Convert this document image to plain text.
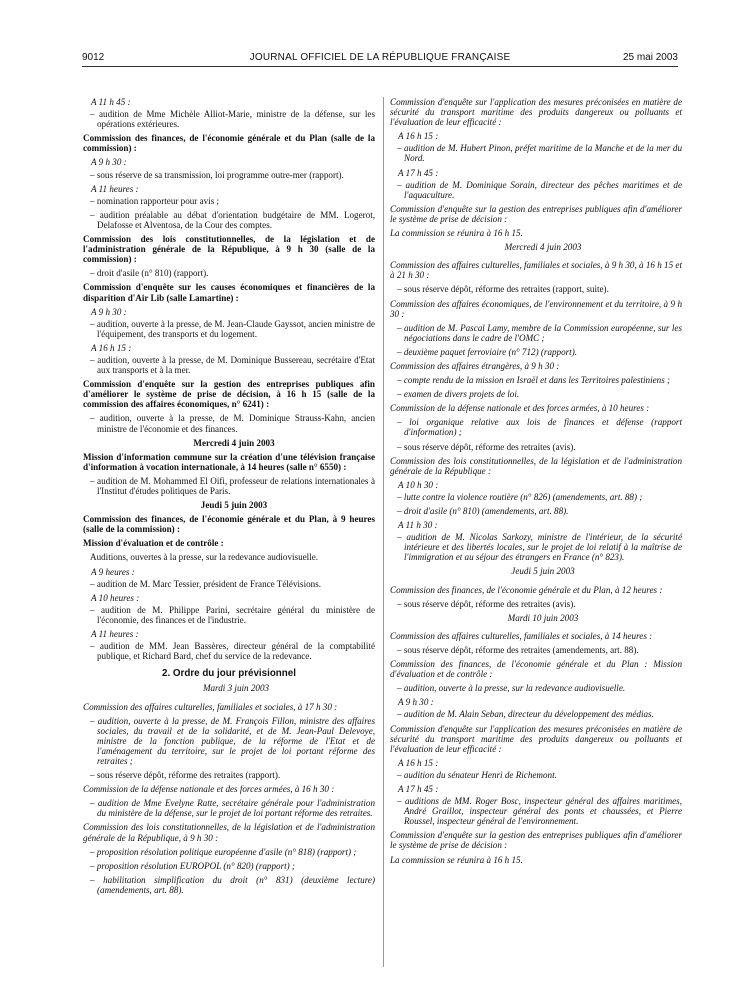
9012	JOURNAL OFFICIEL DE LA RÉPUBLIQUE FRANÇAISE	25 mai 2003

A 11 h 45 :

– audition de Mme Michèle Alliot-Marie, ministre de la défense, sur les opérations extérieures.

Commission des finances, de l'économie générale et du Plan (salle de la commission) :

A 9 h 30 :

– sous réserve de sa transmission, loi programme outre-mer (rapport).

A 11 heures :

– nomination rapporteur pour avis ;

– audition préalable au débat d'orientation budgétaire de MM. Logerot, Delafosse et Alventosa, de la Cour des comptes.

Commission des lois constitutionnelles, de la législation et de l'administration générale de la République, à 9 h 30 (salle de la commission) :

– droit d'asile (n° 810) (rapport).

Commission d'enquête sur les causes économiques et financières de la disparition d'Air Lib (salle Lamartine) :

A 9 h 30 :

– audition, ouverte à la presse, de M. Jean-Claude Gayssot, ancien ministre de l'équipement, des transports et du logement.

A 16 h 15 :

– audition, ouverte à la presse, de M. Dominique Bussereau, secrétaire d'Etat aux transports et à la mer.

Commission d'enquête sur la gestion des entreprises publiques afin d'améliorer le système de prise de décision, à 16 h 15 (salle de la commission des affaires économiques, n° 6241) :

– audition, ouverte à la presse, de M. Dominique Strauss-Kahn, ancien ministre de l'économie et des finances.

Mercredi 4 juin 2003

Mission d'information commune sur la création d'une télévision française d'information à vocation internationale, à 14 heures (salle n° 6550) :

– audition de M. Mohammed El Oifi, professeur de relations internationales à l'Institut d'études politiques de Paris.

Jeudi 5 juin 2003

Commission des finances, de l'économie générale et du Plan, à 9 heures (salle de la commission) :

Mission d'évaluation et de contrôle :

Auditions, ouvertes à la presse, sur la redevance audiovisuelle.

A 9 heures :

– audition de M. Marc Tessier, président de France Télévisions.

A 10 heures :

– audition de M. Philippe Parini, secrétaire général du ministère de l'économie, des finances et de l'industrie.

A 11 heures :

– audition de MM. Jean Bassères, directeur général de la comptabilité publique, et Richard Bard, chef du service de la redevance.

2. Ordre du jour prévisionnel

Mardi 3 juin 2003

Commission des affaires culturelles, familiales et sociales, à 17 h 30 :

– audition, ouverte à la presse, de M. François Fillon, ministre des affaires sociales, du travail et de la solidarité, et de M. Jean-Paul Delevoye, ministre de la fonction publique, de la réforme de l'Etat et de l'aménagement du territoire, sur le projet de loi portant réforme des retraites ;

– sous réserve dépôt, réforme des retraites (rapport).

Commission de la défense nationale et des forces armées, à 16 h 30 :

– audition de Mme Evelyne Ratte, secrétaire générale pour l'administration du ministère de la défense, sur le projet de loi portant réforme des retraites.

Commission des lois constitutionnelles, de la législation et de l'administration générale de la République, à 9 h 30 :

– proposition résolution politique européenne d'asile (n° 818) (rapport) ;

– proposition résolution EUROPOL (n° 820) (rapport) ;

– habilitation simplification du droit (n° 831) (deuxième lecture) (amendements, art. 88).

Commission d'enquête sur l'application des mesures préconisées en matière de sécurité du transport maritime des produits dangereux ou polluants et l'évaluation de leur efficacité :

A 16 h 15 :

– audition de M. Hubert Pinon, préfet maritime de la Manche et de la mer du Nord.

A 17 h 45 :

– audition de M. Dominique Sorain, directeur des pêches maritimes et de l'aquaculture.

Commission d'enquête sur la gestion des entreprises publiques afin d'améliorer le système de prise de décision :

La commission se réunira à 16 h 15.

Mercredi 4 juin 2003

Commission des affaires culturelles, familiales et sociales, à 9 h 30, à 16 h 15 et à 21 h 30 :

– sous réserve dépôt, réforme des retraites (rapport, suite).

Commission des affaires économiques, de l'environnement et du territoire, à 9 h 30 :

– audition de M. Pascal Lamy, membre de la Commission européenne, sur les négociations dans le cadre de l'OMC ;

– deuxième paquet ferroviaire (n° 712) (rapport).

Commission des affaires étrangères, à 9 h 30 :

– compte rendu de la mission en Israël et dans les Territoires palestiniens ;

– examen de divers projets de loi.

Commission de la défense nationale et des forces armées, à 10 heures :

– loi organique relative aux lois de finances et défense (rapport d'information) ;

– sous réserve dépôt, réforme des retraites (avis).

Commission des lois constitutionnelles, de la législation et de l'administration générale de la République :

A 10 h 30 :

– lutte contre la violence routière (n° 826) (amendements, art. 88) ;

– droit d'asile (n° 810) (amendements, art. 88).

A 11 h 30 :

– audition de M. Nicolas Sarkozy, ministre de l'intérieur, de la sécurité intérieure et des libertés locales, sur le projet de loi relatif à la maîtrise de l'immigration et au séjour des étrangers en France (n° 823).

Jeudi 5 juin 2003

Commission des finances, de l'économie générale et du Plan, à 12 heures :

– sous réserve dépôt, réforme des retraites (avis).

Mardi 10 juin 2003

Commission des affaires culturelles, familiales et sociales, à 14 heures :

– sous réserve dépôt, réforme des retraites (amendements, art. 88).

Commission des finances, de l'économie générale et du Plan : Mission d'évaluation et de contrôle :

– audition, ouverte à la presse, sur la redevance audiovisuelle.

A 9 h 30 :

– audition de M. Alain Seban, directeur du développement des médias.

Commission d'enquête sur l'application des mesures préconisées en matière de sécurité du transport maritime des produits dangereux ou polluants et l'évaluation de leur efficacité :

A 16 h 15 :

– audition du sénateur Henri de Richemont.

A 17 h 45 :

– auditions de MM. Roger Bosc, inspecteur général des affaires maritimes, André Graillot, inspecteur général des ponts et chaussées, et Pierre Roussel, inspecteur général de l'environnement.

Commission d'enquête sur la gestion des entreprises publiques afin d'améliorer le système de prise de décision :

La commission se réunira à 16 h 15.
